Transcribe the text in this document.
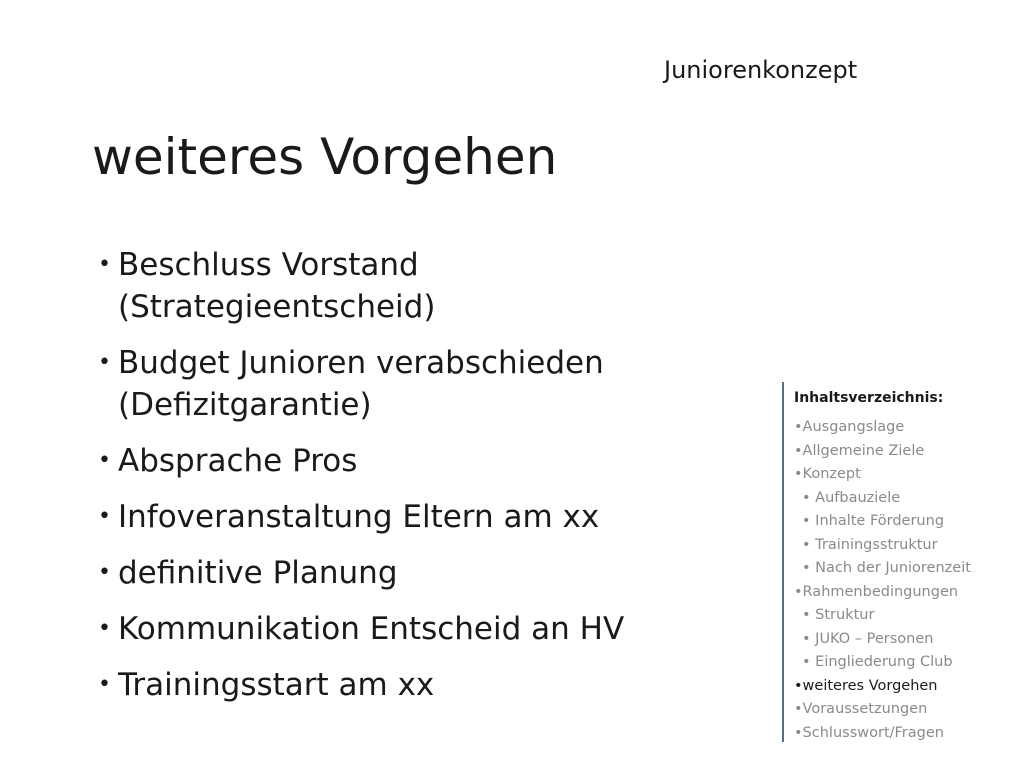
Juniorenkonzept
weiteres Vorgehen
• Beschluss Vorstand
(Strategieentscheid)
• Budget Junioren verabschieden
(Defizitgarantie)
• Absprache Pros
• Infoveranstaltung Eltern am xx
• definitive Planung
• Kommunikation Entscheid an HV
• Trainingsstart am xx
Inhaltsverzeichnis:
•Ausgangslage
•Allgemeine Ziele
•Konzept
• Aufbauziele
• Inhalte Förderung
• Trainingsstruktur
• Nach der Juniorenzeit
•Rahmenbedingungen
• Struktur
• JUKO – Personen
• Eingliederung Club
•weiteres Vorgehen
•Voraussetzungen
•Schlusswort/Fragen
